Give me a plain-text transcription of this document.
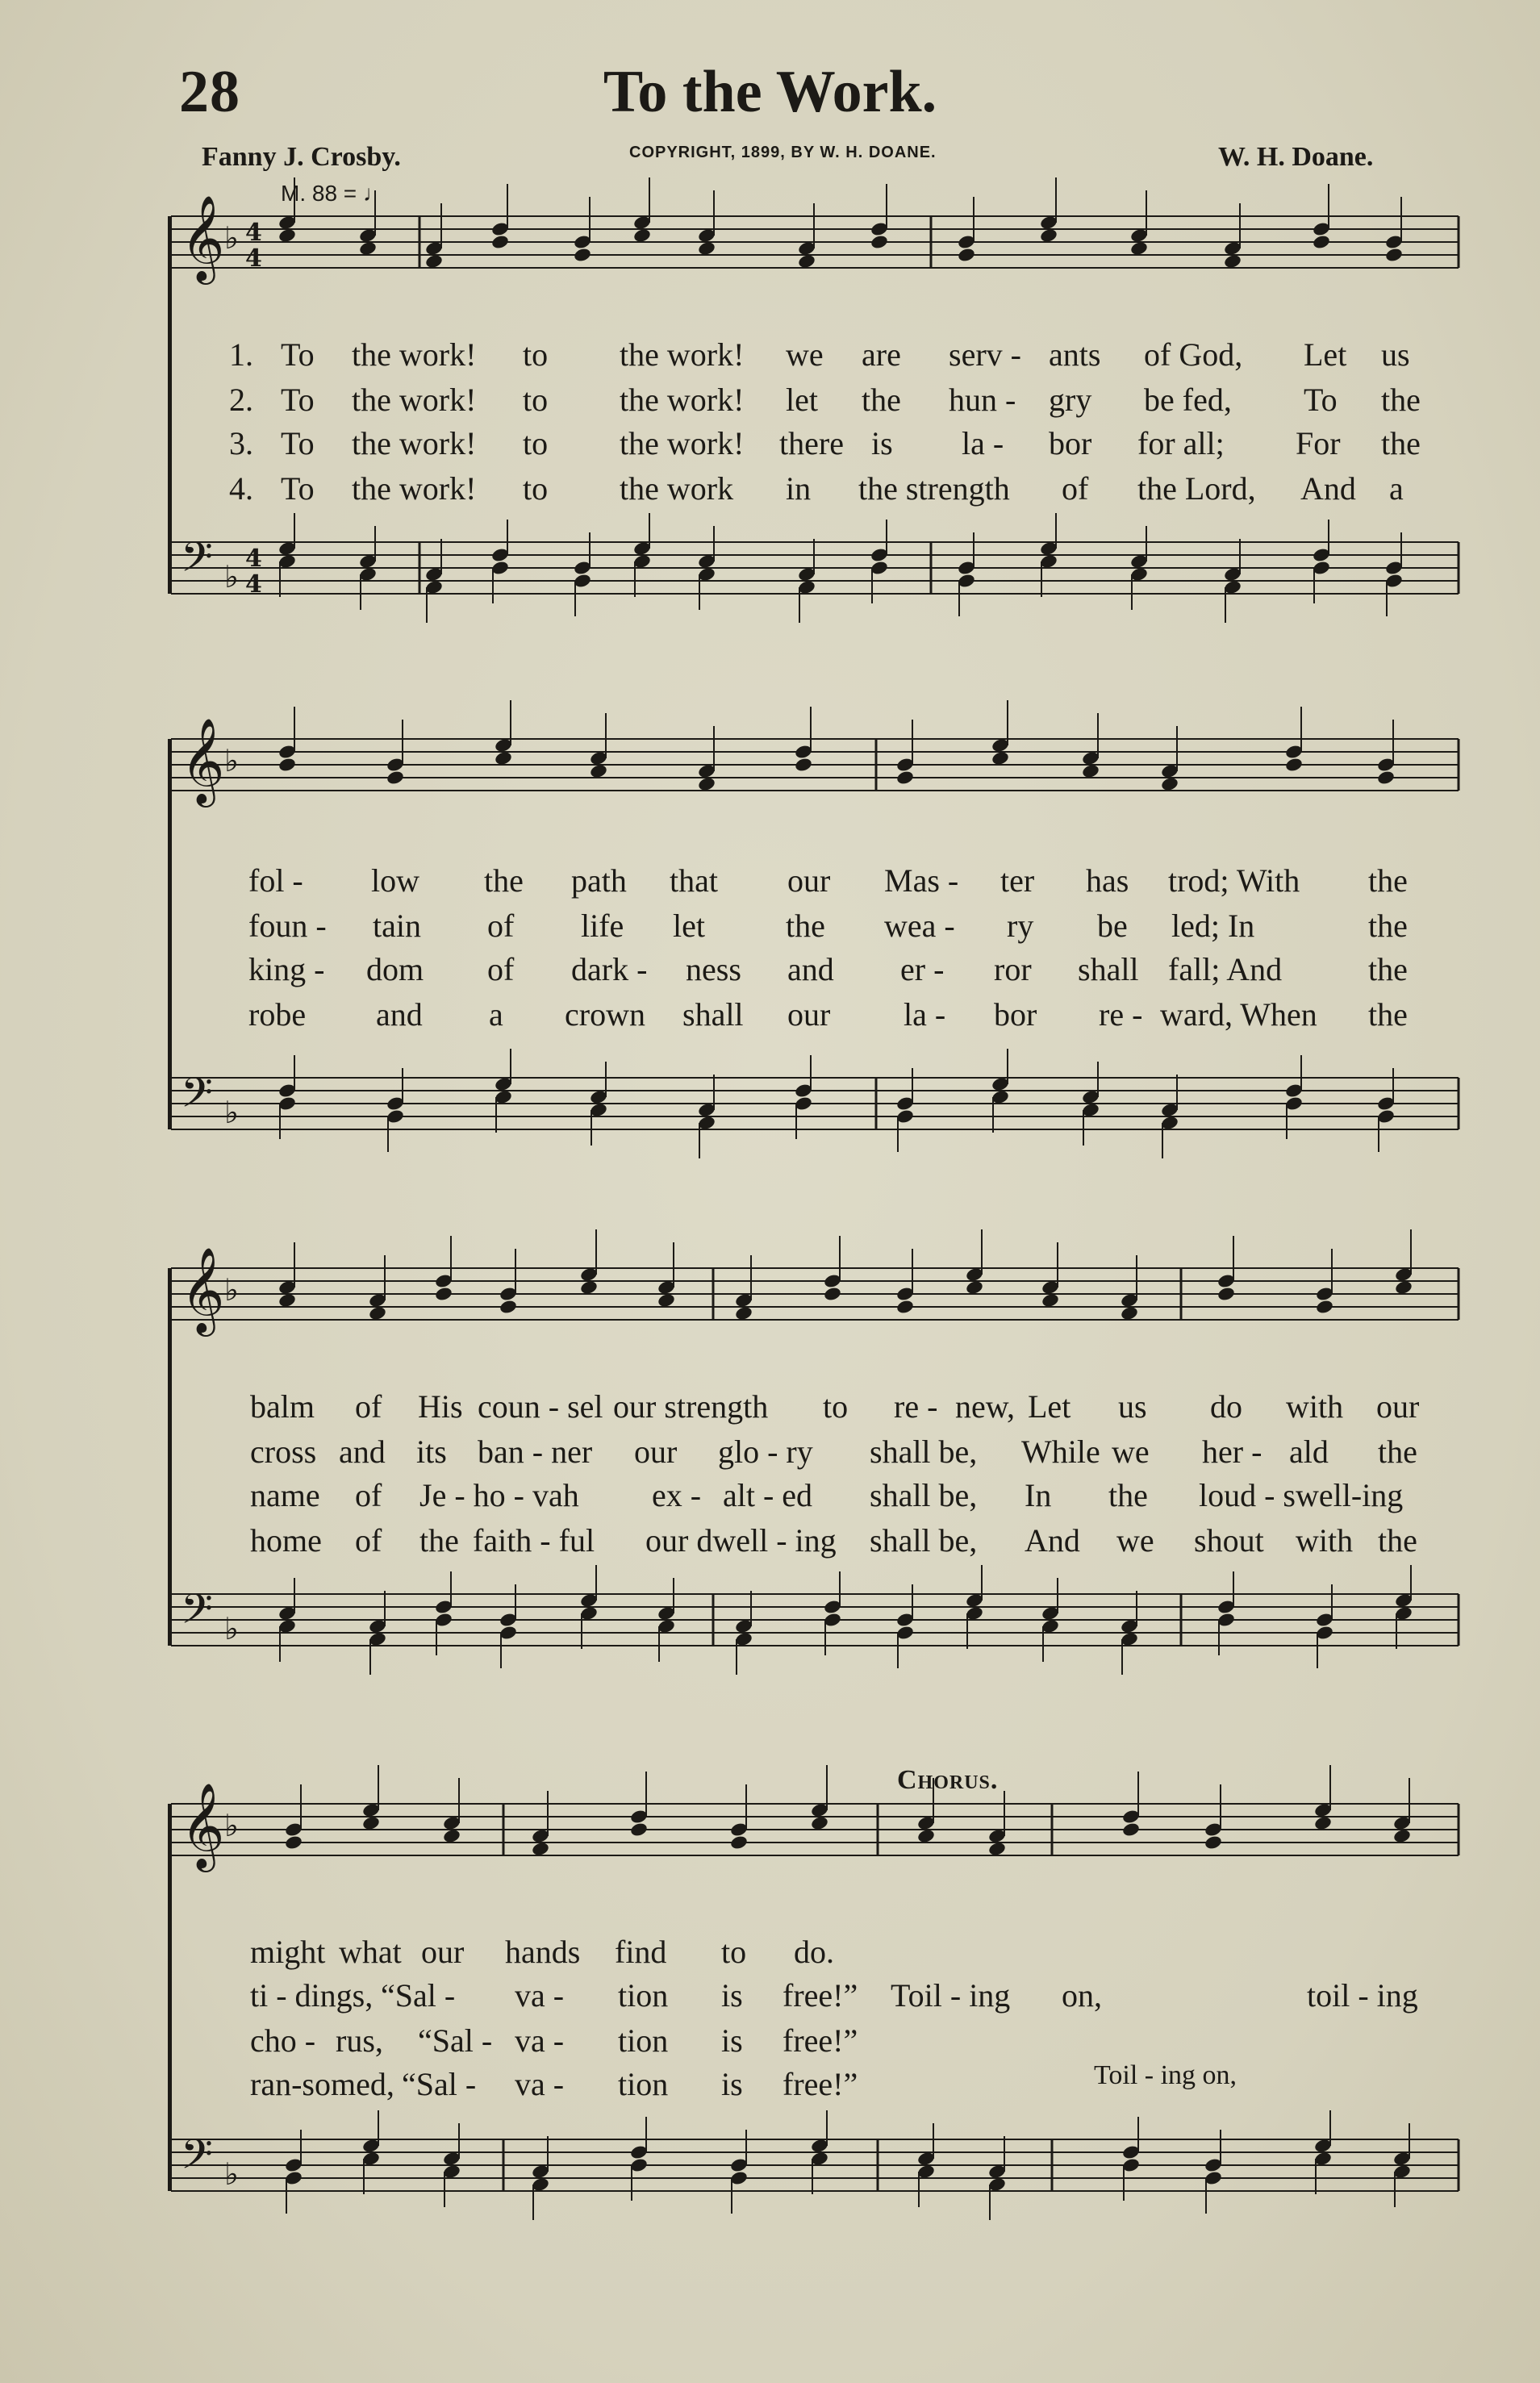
28	To the Work.
Fanny J. Crosby.	COPYRIGHT, 1899, BY W. H. DOANE.	W. H. Doane.
M. 88 = ♩
Chorus.
𝄞 ♭ 4
4
𝄢 ♭
4
4
𝄞 ♭
𝄢 ♭
𝄞 ♭
𝄢 ♭
𝄞 ♭
𝄢 ♭
1. To the work! to the work! we are serv - ants of God, Let us
2. To the work! to the work! let the hun - gry be fed, To the
3. To the work! to the work! there is la - bor for all; For the
4. To the work! to the work in the strength of the Lord, And a
fol - low the path that our Mas - ter has trod; With the
foun - tain of life let	the wea - ry be led; In	the
king - dom of dark - ness and er - ror shall fall; And	the
robe and a crown shall our la - bor re - ward, When the
balm of His coun - sel our strength to re - new, Let us do with our
cross and its ban - ner our glo - ry shall be, While we her - ald the
name of Je - ho - vah ex - alt - ed shall be, In the loud - swell-ing
home of the faith - ful our dwell - ing shall be, And we shout with the
might what our hands find to do.
ti - dings, “Sal - va - tion is free!” Toil - ing on,	toil - ing
cho - rus, “Sal - va - tion is free!”
ran-somed, “Sal - va - tion is free!”	Toil - ing on,
